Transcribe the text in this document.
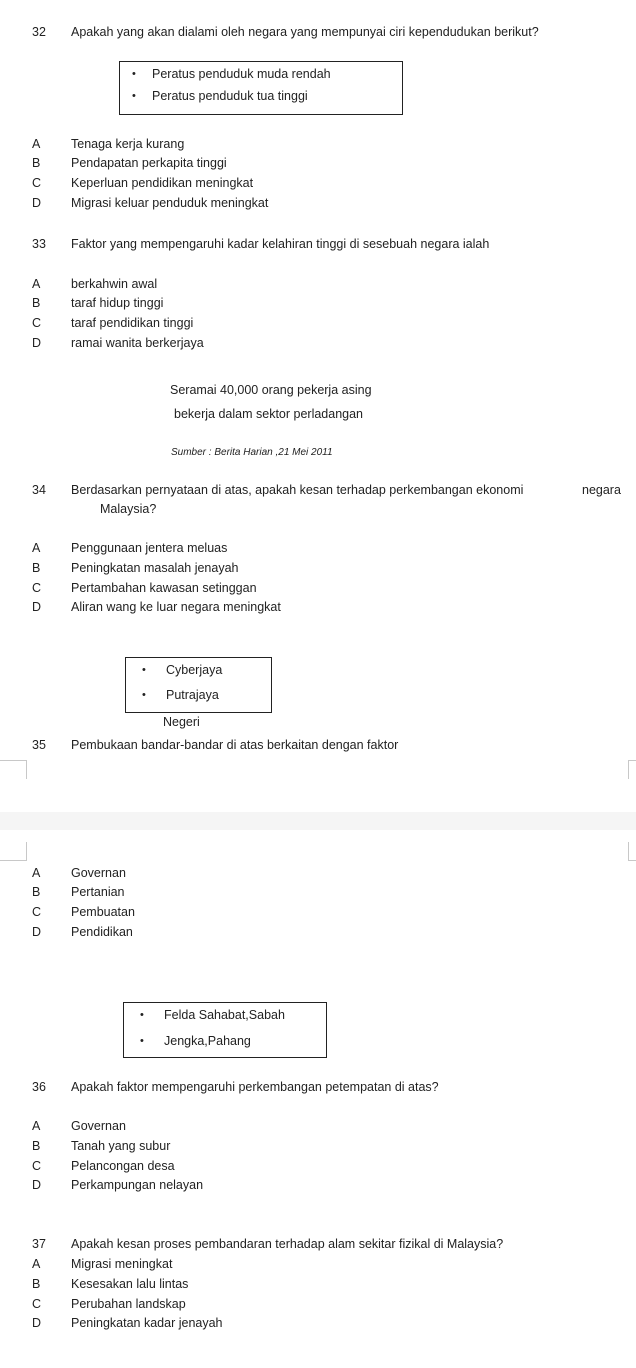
32 Apakah yang akan dialami oleh negara yang mempunyai ciri kependudukan berikut?
• Peratus penduduk muda rendah
• Peratus penduduk tua tinggi
A Tenaga kerja kurang
B Pendapatan perkapita tinggi
C Keperluan pendidikan meningkat
D Migrasi keluar penduduk meningkat
33 Faktor yang mempengaruhi kadar kelahiran tinggi di sesebuah negara ialah
A berkahwin awal
B taraf hidup tinggi
C taraf pendidikan tinggi
D ramai wanita berkerjaya
Seramai 40,000 orang pekerja asing
bekerja dalam sektor perladangan
Sumber : Berita Harian ,21 Mei 2011
34 Berdasarkan pernyataan di atas, apakah kesan terhadap perkembangan ekonomi	negara
Malaysia?
A Penggunaan jentera meluas
B Peningkatan masalah jenayah
C Pertambahan kawasan setinggan
D Aliran wang ke luar negara meningkat
• Cyberjaya
• Putrajaya
Negeri
35 Pembukaan bandar-bandar di atas berkaitan dengan faktor
A Governan
B Pertanian
C Pembuatan
D Pendidikan
• Felda Sahabat,Sabah
• Jengka,Pahang
36 Apakah faktor mempengaruhi perkembangan petempatan di atas?
A Governan
B Tanah yang subur
C Pelancongan desa
D Perkampungan nelayan
37 Apakah kesan proses pembandaran terhadap alam sekitar fizikal di Malaysia?
A Migrasi meningkat
B Kesesakan lalu lintas
C Perubahan landskap
D Peningkatan kadar jenayah
